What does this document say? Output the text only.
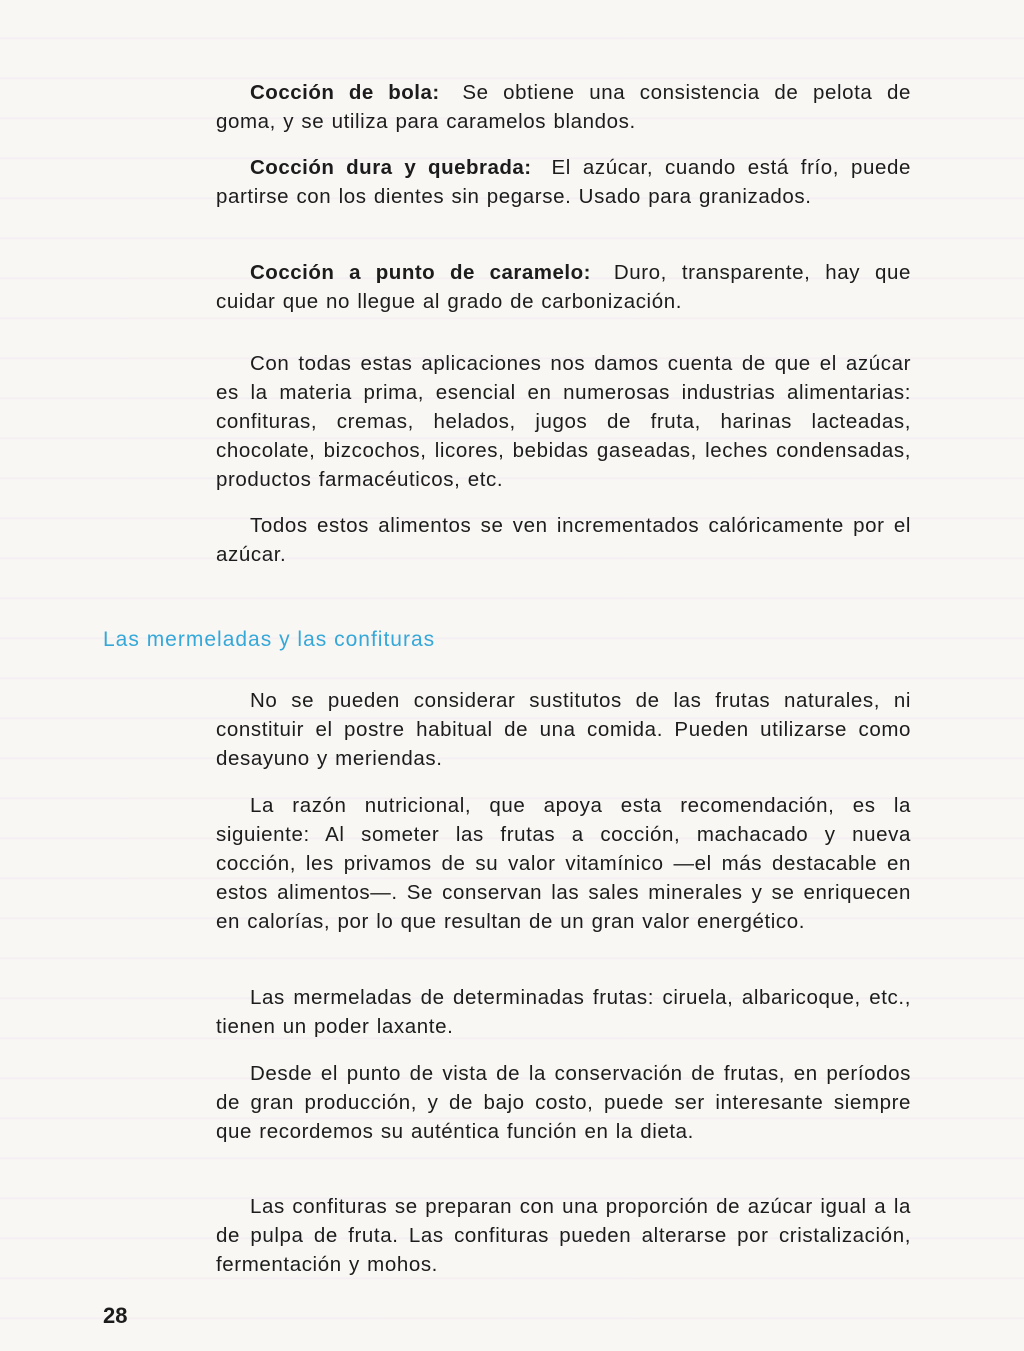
Cocción de bola: Se obtiene una consistencia de pelota de goma, y se utiliza para caramelos blandos.

Cocción dura y quebrada: El azúcar, cuando está frío, puede partirse con los dientes sin pegarse. Usado para granizados.

Cocción a punto de caramelo: Duro, transparente, hay que cuidar que no llegue al grado de carbonización.

Con todas estas aplicaciones nos damos cuenta de que el azúcar es la materia prima, esencial en numerosas industrias alimentarias: confituras, cremas, helados, jugos de fruta, harinas lacteadas, chocolate, bizcochos, licores, bebidas gaseadas, leches condensadas, productos farmacéuticos, etc.

Todos estos alimentos se ven incrementados calóricamente por el azúcar.

Las mermeladas y las confituras

No se pueden considerar sustitutos de las frutas naturales, ni constituir el postre habitual de una comida. Pueden utilizarse como desayuno y meriendas.

La razón nutricional, que apoya esta recomendación, es la siguiente: Al someter las frutas a cocción, machacado y nueva cocción, les privamos de su valor vitamínico —el más destacable en estos alimentos—. Se conservan las sales minerales y se enriquecen en calorías, por lo que resultan de un gran valor energético.

Las mermeladas de determinadas frutas: ciruela, albaricoque, etc., tienen un poder laxante.

Desde el punto de vista de la conservación de frutas, en períodos de gran producción, y de bajo costo, puede ser interesante siempre que recordemos su auténtica función en la dieta.

Las confituras se preparan con una proporción de azúcar igual a la de pulpa de fruta. Las confituras pueden alterarse por cristalización, fermentación y mohos.

28
